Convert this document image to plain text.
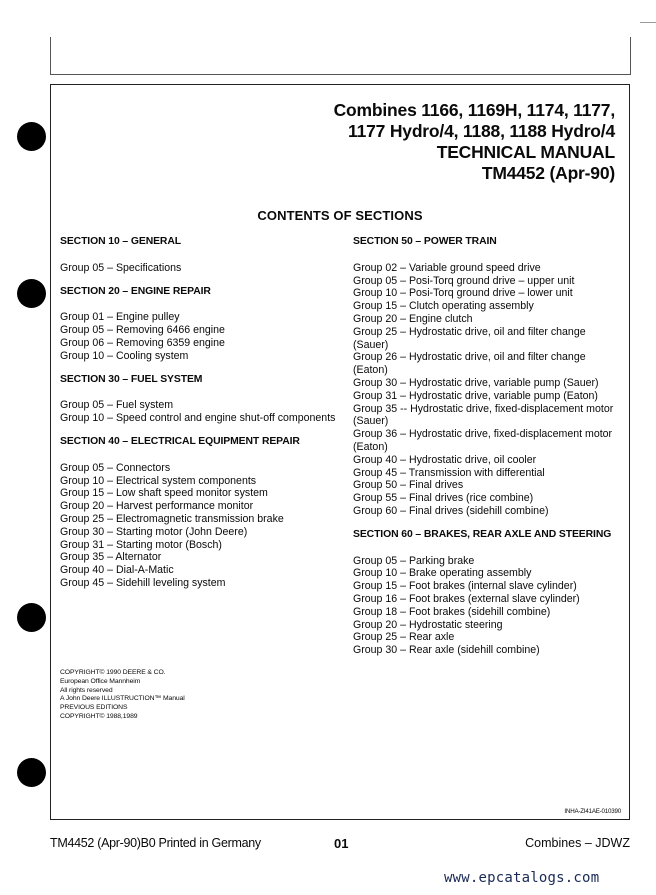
Combines 1166, 1169H, 1174, 1177,
1177 Hydro/4, 1188, 1188 Hydro/4
TECHNICAL MANUAL
TM4452 (Apr-90)
CONTENTS OF SECTIONS
SECTION 10 – GENERAL
Group 05 – Specifications
SECTION 20 – ENGINE REPAIR
Group 01 – Engine pulley
Group 05 – Removing 6466 engine
Group 06 – Removing 6359 engine
Group 10 – Cooling system
SECTION 30 – FUEL SYSTEM
Group 05 – Fuel system
Group 10 – Speed control and engine shut-off components
SECTION 40 – ELECTRICAL EQUIPMENT REPAIR
Group 05 – Connectors
Group 10 – Electrical system components
Group 15 – Low shaft speed monitor system
Group 20 – Harvest performance monitor
Group 25 – Electromagnetic transmission brake
Group 30 – Starting motor (John Deere)
Group 31 – Starting motor (Bosch)
Group 35 – Alternator
Group 40 – Dial-A-Matic
Group 45 – Sidehill leveling system
SECTION 50 – POWER TRAIN
Group 02 – Variable ground speed drive
Group 05 – Posi-Torq ground drive – upper unit
Group 10 – Posi-Torq ground drive – lower unit
Group 15 – Clutch operating assembly
Group 20 – Engine clutch
Group 25 – Hydrostatic drive, oil and filter change (Sauer)
Group 26 – Hydrostatic drive, oil and filter change (Eaton)
Group 30 – Hydrostatic drive, variable pump (Sauer)
Group 31 – Hydrostatic drive, variable pump (Eaton)
Group 35 -- Hydrostatic drive, fixed-displacement motor (Sauer)
Group 36 – Hydrostatic drive, fixed-displacement motor (Eaton)
Group 40 – Hydrostatic drive, oil cooler
Group 45 – Transmission with differential
Group 50 – Final drives
Group 55 – Final drives (rice combine)
Group 60 – Final drives (sidehill combine)
SECTION 60 – BRAKES, REAR AXLE AND STEERING
Group 05 – Parking brake
Group 10 – Brake operating assembly
Group 15 – Foot brakes (internal slave cylinder)
Group 16 – Foot brakes (external slave cylinder)
Group 18 – Foot brakes (sidehill combine)
Group 20 – Hydrostatic steering
Group 25 – Rear axle
Group 30 – Rear axle (sidehill combine)
COPYRIGHT© 1990 DEERE & CO.
European Office Mannheim
All rights reserved
A John Deere ILLUSTRUCTION™ Manual
PREVIOUS EDITIONS
COPYRIGHT© 1988,1989
INHA-ZI41AE-010390
TM4452 (Apr-90)B0 Printed in Germany	01	Combines – JDWZ
www.epcatalogs.com
